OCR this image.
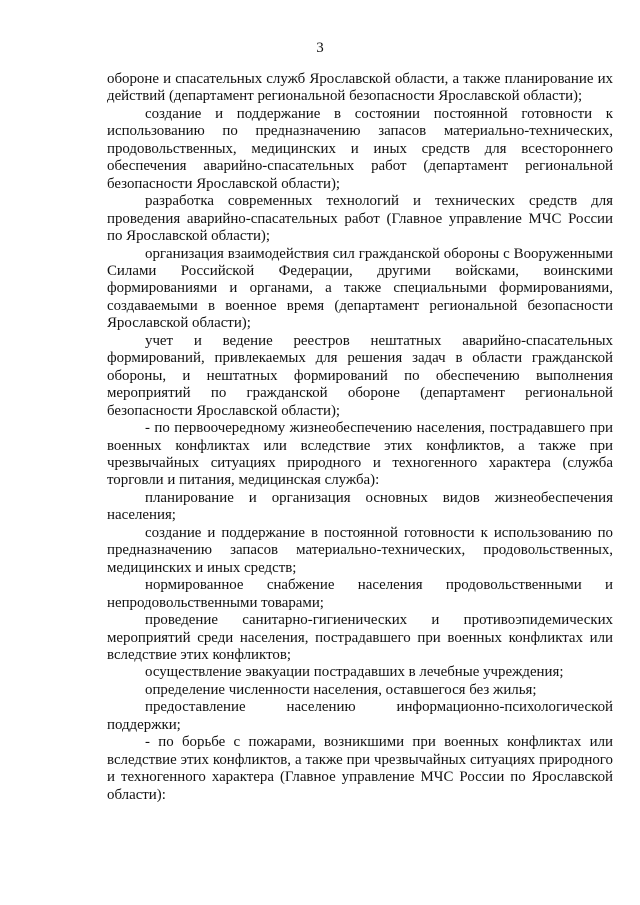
3

обороне и спасательных служб Ярославской области, а также планирование их действий (департамент региональной безопасности Ярославской области);

создание и поддержание в состоянии постоянной готовности к использованию по предназначению запасов материально-технических, продовольственных, медицинских и иных средств для всестороннего обеспечения аварийно-спасательных работ (департамент региональной безопасности Ярославской области);

разработка современных технологий и технических средств для проведения аварийно-спасательных работ (Главное управление МЧС России по Ярославской области);

организация взаимодействия сил гражданской обороны с Вооруженными Силами Российской Федерации, другими войсками, воинскими формированиями и органами, а также специальными формированиями, создаваемыми в военное время (департамент региональной безопасности Ярославской области);

учет и ведение реестров нештатных аварийно-спасательных формирований, привлекаемых для решения задач в области гражданской обороны, и нештатных формирований по обеспечению выполнения мероприятий по гражданской обороне (департамент региональной безопасности Ярославской области);

- по первоочередному жизнеобеспечению населения, пострадавшего при военных конфликтах или вследствие этих конфликтов, а также при чрезвычайных ситуациях природного и техногенного характера (служба торговли и питания, медицинская служба):

планирование и организация основных видов жизнеобеспечения населения;

создание и поддержание в постоянной готовности к использованию по предназначению запасов материально-технических, продовольственных, медицинских и иных средств;

нормированное снабжение населения продовольственными и непродовольственными товарами;

проведение санитарно-гигиенических и противоэпидемических мероприятий среди населения, пострадавшего при военных конфликтах или вследствие этих конфликтов;

осуществление эвакуации пострадавших в лечебные учреждения;

определение численности населения, оставшегося без жилья;

предоставление населению информационно-психологической поддержки;

- по борьбе с пожарами, возникшими при военных конфликтах или вследствие этих конфликтов, а также при чрезвычайных ситуациях природного и техногенного характера (Главное управление МЧС России по Ярославской области):
